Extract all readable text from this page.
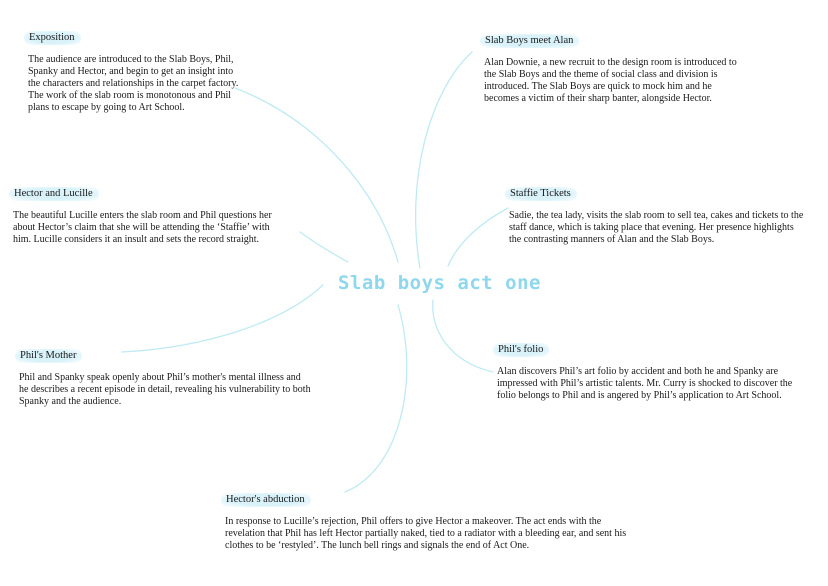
Slab boys act one
Exposition
The audience are introduced to the Slab Boys, Phil,
Spanky and Hector, and begin to get an insight into
the characters and relationships in the carpet factory.
The work of the slab room is monotonous and Phil
plans to escape by going to Art School.
Slab Boys meet Alan
Alan Downie, a new recruit to the design room is introduced to
the Slab Boys and the theme of social class and division is
introduced. The Slab Boys are quick to mock him and he
becomes a victim of their sharp banter, alongside Hector.
Hector and Lucille
The beautiful Lucille enters the slab room and Phil questions her
about Hector’s claim that she will be attending the ‘Staffie’ with
him. Lucille considers it an insult and sets the record straight.
Staffie Tickets
Sadie, the tea lady, visits the slab room to sell tea, cakes and tickets to the
staff dance, which is taking place that evening. Her presence highlights
the contrasting manners of Alan and the Slab Boys.
Phil's Mother
Phil and Spanky speak openly about Phil’s mother's mental illness and
he describes a recent episode in detail, revealing his vulnerability to both
Spanky and the audience.
Phil's folio
Alan discovers Phil’s art folio by accident and both he and Spanky are
impressed with Phil’s artistic talents. Mr. Curry is shocked to discover the
folio belongs to Phil and is angered by Phil’s application to Art School.
Hector's abduction
In response to Lucille’s rejection, Phil offers to give Hector a makeover. The act ends with the
revelation that Phil has left Hector partially naked, tied to a radiator with a bleeding ear, and sent his
clothes to be ‘restyled’. The lunch bell rings and signals the end of Act One.
